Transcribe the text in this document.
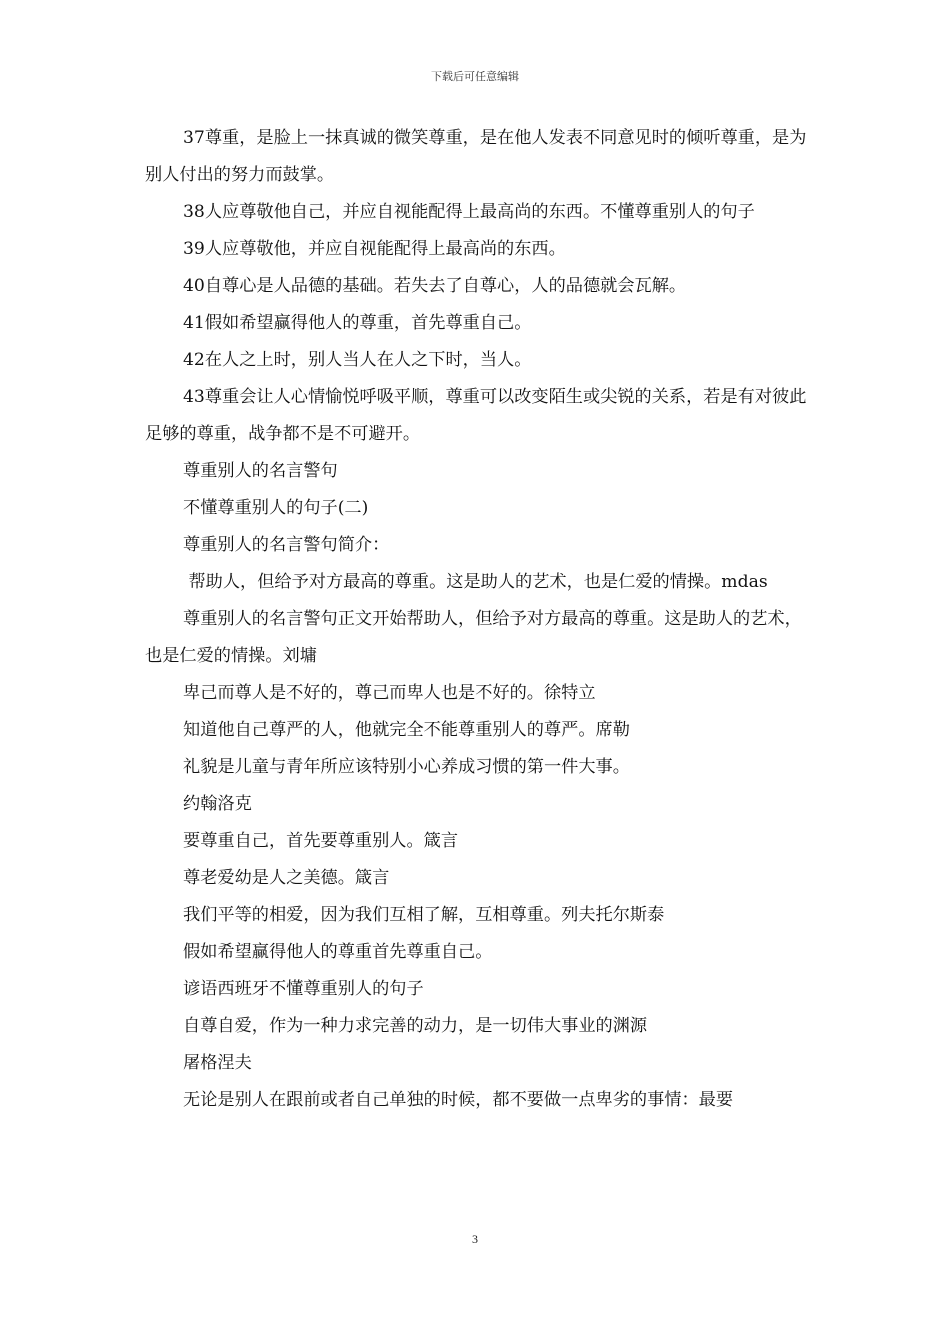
下载后可任意编辑

37尊重，是脸上一抹真诚的微笑尊重，是在他人发表不同意见时的倾听尊重，是为别人付出的努力而鼓掌。

38人应尊敬他自己，并应自视能配得上最高尚的东西。不懂尊重别人的句子

39人应尊敬他，并应自视能配得上最高尚的东西。

40自尊心是人品德的基础。若失去了自尊心，人的品德就会瓦解。

41假如希望赢得他人的尊重，首先尊重自己。

42在人之上时，别人当人在人之下时，当人。

43尊重会让人心情愉悦呼吸平顺，尊重可以改变陌生或尖锐的关系，若是有对彼此足够的尊重，战争都不是不可避开。

尊重别人的名言警句

不懂尊重别人的句子(二)

尊重别人的名言警句简介：

帮助人，但给予对方最高的尊重。这是助人的艺术，也是仁爱的情操。mdas

尊重别人的名言警句正文开始帮助人，但给予对方最高的尊重。这是助人的艺术，也是仁爱的情操。刘墉

卑己而尊人是不好的，尊己而卑人也是不好的。徐特立

知道他自己尊严的人，他就完全不能尊重别人的尊严。席勒

礼貌是儿童与青年所应该特别小心养成习惯的第一件大事。

约翰洛克

要尊重自己，首先要尊重别人。箴言

尊老爱幼是人之美德。箴言

我们平等的相爱，因为我们互相了解，互相尊重。列夫托尔斯泰

假如希望赢得他人的尊重首先尊重自己。

谚语西班牙不懂尊重别人的句子

自尊自爱，作为一种力求完善的动力，是一切伟大事业的渊源

屠格涅夫

无论是别人在跟前或者自己单独的时候，都不要做一点卑劣的事情：最要

3
